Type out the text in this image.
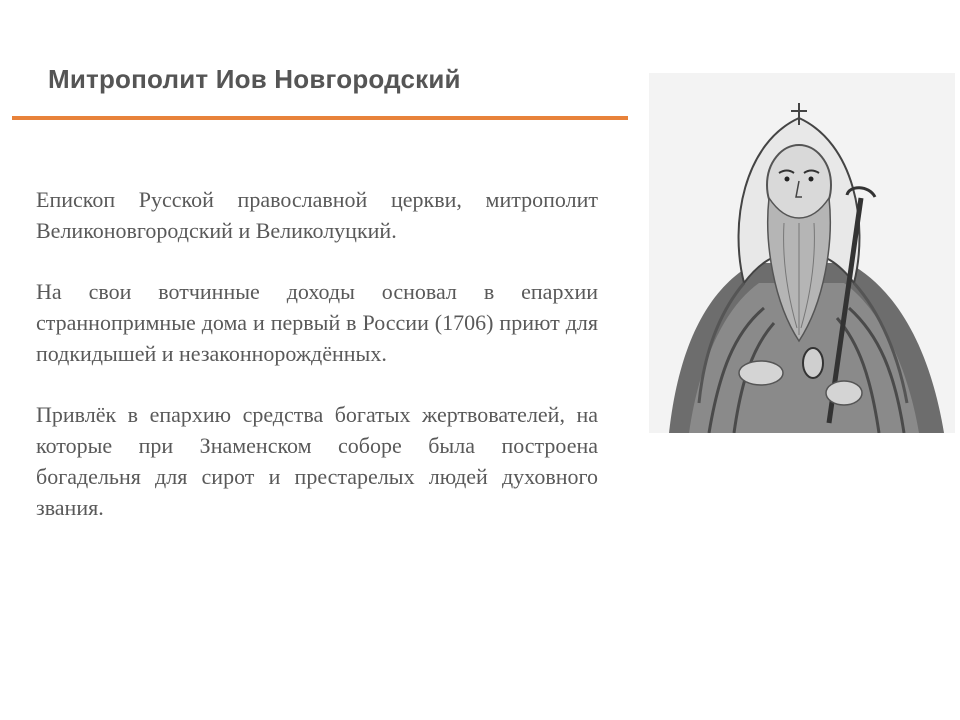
Митрополит Иов Новгородский

Епископ Русской православной церкви, митрополит Великоновгородский и Великолуцкий.

На свои вотчинные доходы основал в епархии страннопримные дома и первый в России (1706) приют для подкидышей и незаконнорождённых.

Привлёк в епархию средства богатых жертвователей, на которые при Знаменском соборе была построена богадельня для сирот и престарелых людей духовного звания.
